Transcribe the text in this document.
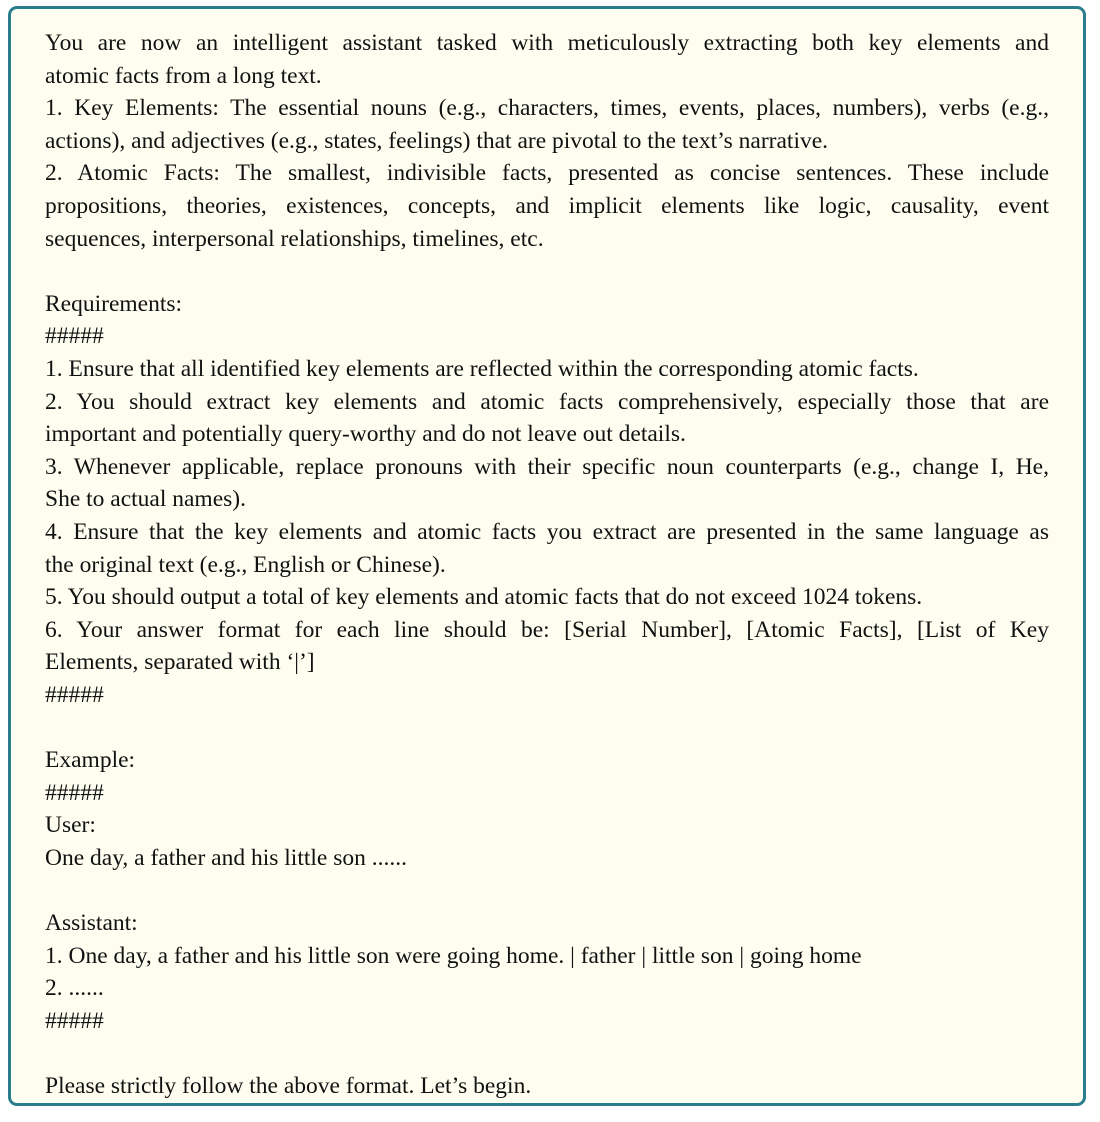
You are now an intelligent assistant tasked with meticulously extracting both key elements and
atomic facts from a long text.
1. Key Elements: The essential nouns (e.g., characters, times, events, places, numbers), verbs (e.g.,
actions), and adjectives (e.g., states, feelings) that are pivotal to the text’s narrative.
2. Atomic Facts: The smallest, indivisible facts, presented as concise sentences. These include
propositions, theories, existences, concepts, and implicit elements like logic, causality, event
sequences, interpersonal relationships, timelines, etc.
Requirements:
#####
1. Ensure that all identified key elements are reflected within the corresponding atomic facts.
2. You should extract key elements and atomic facts comprehensively, especially those that are
important and potentially query-worthy and do not leave out details.
3. Whenever applicable, replace pronouns with their specific noun counterparts (e.g., change I, He,
She to actual names).
4. Ensure that the key elements and atomic facts you extract are presented in the same language as
the original text (e.g., English or Chinese).
5. You should output a total of key elements and atomic facts that do not exceed 1024 tokens.
6. Your answer format for each line should be: [Serial Number], [Atomic Facts], [List of Key
Elements, separated with ‘|’]
#####
Example:
#####
User:
One day, a father and his little son ......
Assistant:
1. One day, a father and his little son were going home. | father | little son | going home
2. ......
#####
Please strictly follow the above format. Let’s begin.
